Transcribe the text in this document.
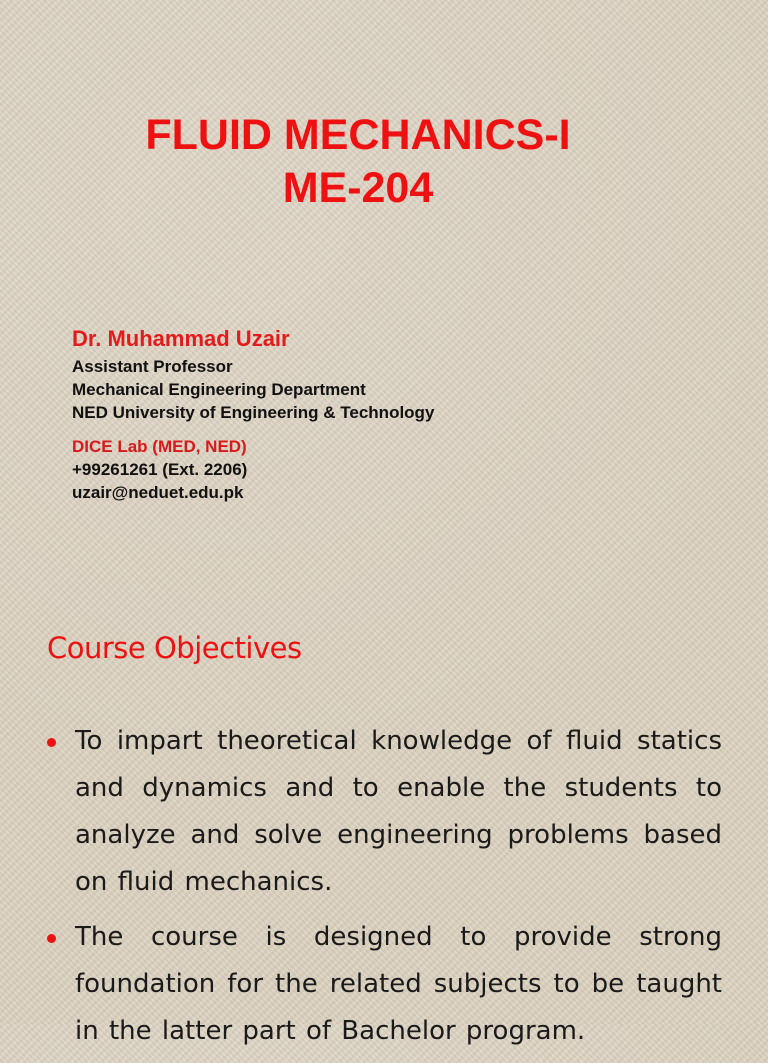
FLUID MECHANICS-I
ME-204

Dr. Muhammad Uzair

Assistant Professor

Mechanical Engineering Department

NED University of Engineering & Technology

DICE Lab (MED, NED)

+99261261 (Ext. 2206)

uzair@neduet.edu.pk

Course Objectives
To impart theoretical knowledge of fluid statics and dynamics and to enable the students to analyze and solve engineering problems based on fluid mechanics.
The course is designed to provide strong foundation for the related subjects to be taught in the latter part of Bachelor program.
